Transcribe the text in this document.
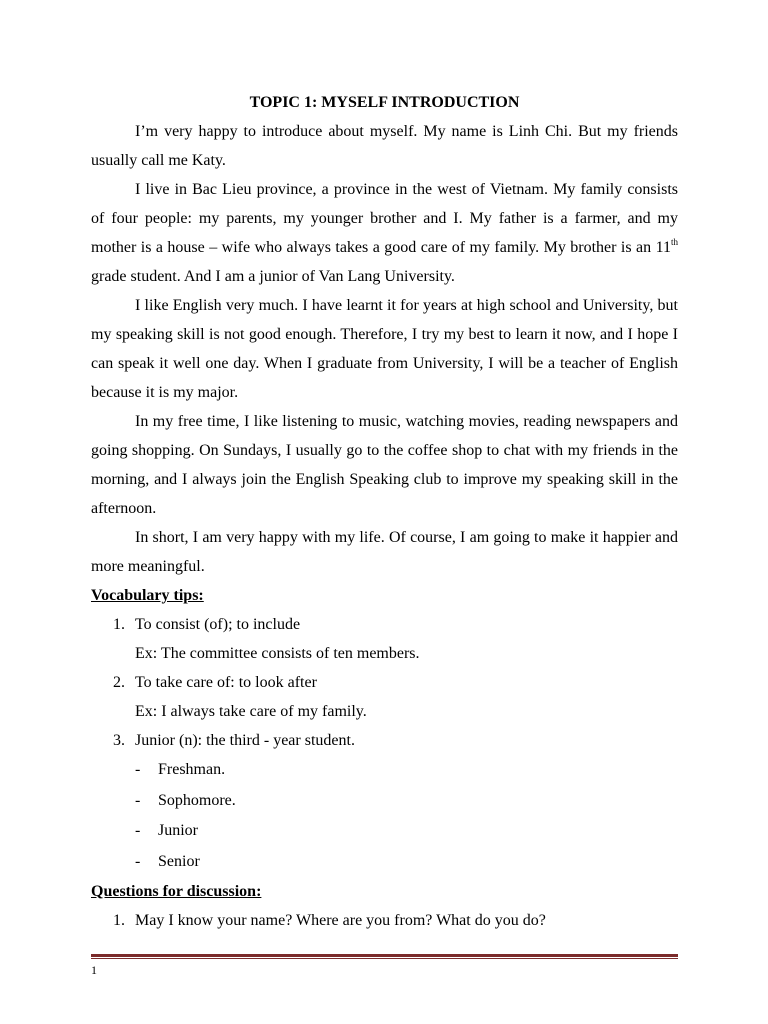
TOPIC 1: MYSELF INTRODUCTION

I’m very happy to introduce about myself. My name is Linh Chi. But my friends usually call me Katy.

I live in Bac Lieu province, a province in the west of Vietnam. My family consists of four people: my parents, my younger brother and I. My father is a farmer, and my mother is a house – wife who always takes a good care of my family. My brother is an 11th grade student. And I am a junior of Van Lang University.

I like English very much. I have learnt it for years at high school and University, but my speaking skill is not good enough. Therefore, I try my best to learn it now, and I hope I can speak it well one day. When I graduate from University, I will be a teacher of English because it is my major.

In my free time, I like listening to music, watching movies, reading newspapers and going shopping. On Sundays, I usually go to the coffee shop to chat with my friends in the morning, and I always join the English Speaking club to improve my speaking skill in the afternoon.

In short, I am very happy with my life. Of course, I am going to make it happier and more meaningful.

Vocabulary tips:

1. To consist (of); to include
Ex: The committee consists of ten members.
2. To take care of: to look after
Ex: I always take care of my family.
3. Junior (n): the third - year student.
- Freshman.
- Sophomore.
- Junior
- Senior

Questions for discussion:

1. May I know your name? Where are you from? What do you do?
1
